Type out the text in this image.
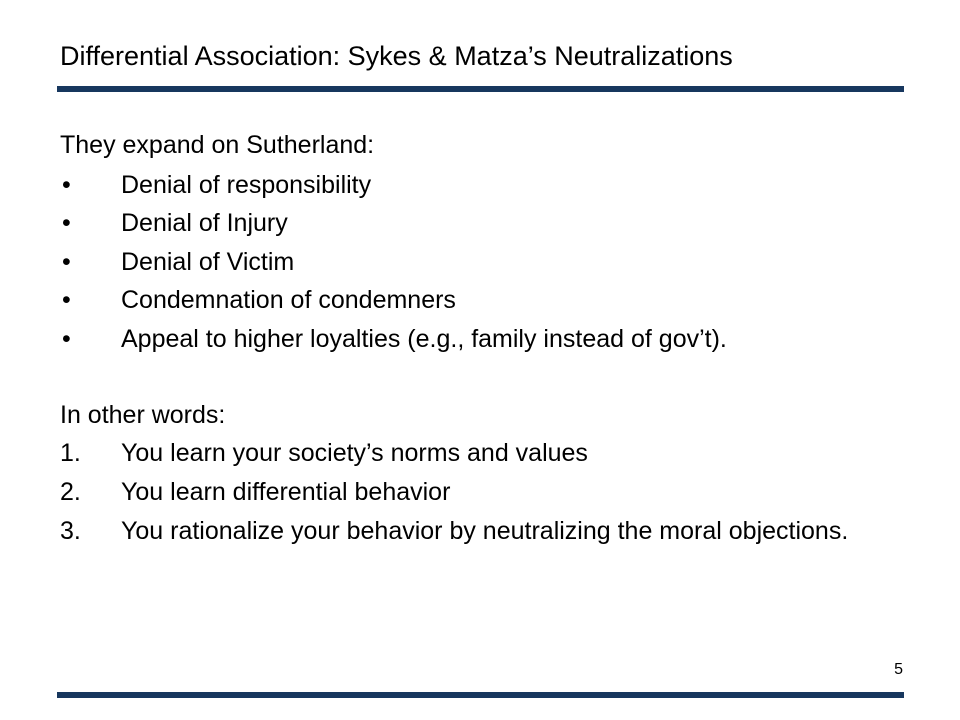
Differential Association: Sykes & Matza’s Neutralizations
They expand on Sutherland:
• Denial of responsibility
• Denial of Injury
• Denial of Victim
• Condemnation of condemners
• Appeal to higher loyalties (e.g., family instead of gov’t).
In other words:
1. You learn your society’s norms and values
2. You learn differential behavior
3. You rationalize your behavior by neutralizing the moral objections.
5
